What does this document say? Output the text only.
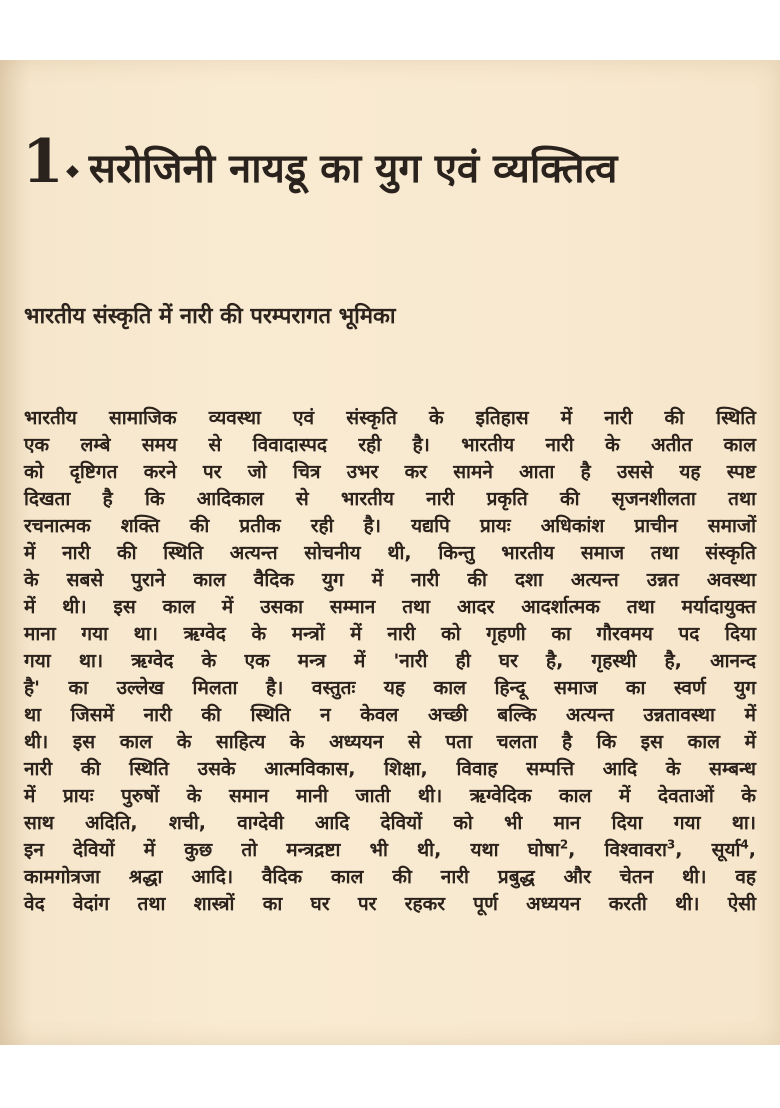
1 सरोजिनी नायडू का युग एवं व्यक्तित्व
भारतीय संस्कृति में नारी की परम्परागत भूमिका
भारतीय सामाजिक व्यवस्था एवं संस्कृति के इतिहास में नारी की स्थिति
एक लम्बे समय से विवादास्पद रही है। भारतीय नारी के अतीत काल
को दृष्टिगत करने पर जो चित्र उभर कर सामने आता है उससे यह स्पष्ट
दिखता है कि आदिकाल से भारतीय नारी प्रकृति की सृजनशीलता तथा
रचनात्मक शक्ति की प्रतीक रही है। यद्यपि प्रायः अधिकांश प्राचीन समाजों
में नारी की स्थिति अत्यन्त सोचनीय थी, किन्तु भारतीय समाज तथा संस्कृति
के सबसे पुराने काल वैदिक युग में नारी की दशा अत्यन्त उन्नत अवस्था
में थी। इस काल में उसका सम्मान तथा आदर आदर्शात्मक तथा मर्यादायुक्त
माना गया था। ऋग्वेद के मन्त्रों में नारी को गृहणी का गौरवमय पद दिया
गया था। ऋग्वेद के एक मन्त्र में 'नारी ही घर है, गृहस्थी है, आनन्द
है' का उल्लेख मिलता है। वस्तुतः यह काल हिन्दू समाज का स्वर्ण युग
था जिसमें नारी की स्थिति न केवल अच्छी बल्कि अत्यन्त उन्नतावस्था में
थी। इस काल के साहित्य के अध्ययन से पता चलता है कि इस काल में
नारी की स्थिति उसके आत्मविकास, शिक्षा, विवाह सम्पत्ति आदि के सम्बन्ध
में प्रायः पुरुषों के समान मानी जाती थी। ऋग्वेदिक काल में देवताओं के
साथ अदिति, शची, वाग्देवी आदि देवियों को भी मान दिया गया था।
इन देवियों में कुछ तो मन्त्रद्रष्टा भी थी, यथा घोषा$^2$, विश्वावरा$^3$, सूर्या$^4$,
कामगोत्रजा श्रद्धा आदि। वैदिक काल की नारी प्रबुद्ध और चेतन थी। वह
वेद वेदांग तथा शास्त्रों का घर पर रहकर पूर्ण अध्ययन करती थी। ऐसी
